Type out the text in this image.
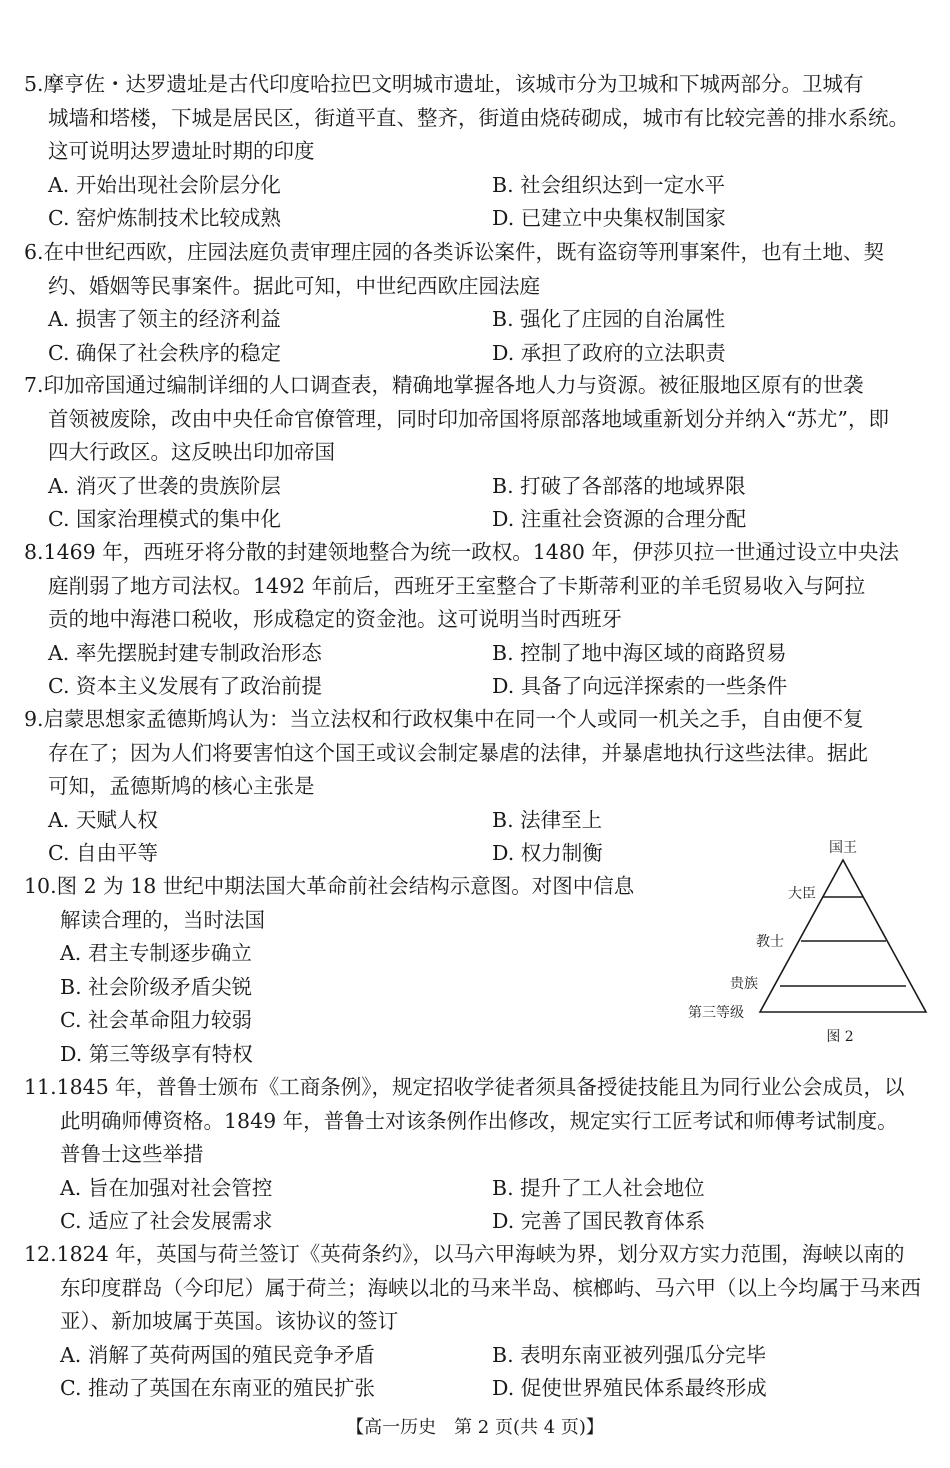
5.摩亨佐・达罗遗址是古代印度哈拉巴文明城市遗址，该城市分为卫城和下城两部分。卫城有
城墙和塔楼，下城是居民区，街道平直、整齐，街道由烧砖砌成，城市有比较完善的排水系统。
这可说明达罗遗址时期的印度
A. 开始出现社会阶层分化	B. 社会组织达到一定水平
C. 窑炉炼制技术比较成熟	D. 已建立中央集权制国家
6.在中世纪西欧，庄园法庭负责审理庄园的各类诉讼案件，既有盗窃等刑事案件，也有土地、契
约、婚姻等民事案件。据此可知，中世纪西欧庄园法庭
A. 损害了领主的经济利益	B. 强化了庄园的自治属性
C. 确保了社会秩序的稳定	D. 承担了政府的立法职责
7.印加帝国通过编制详细的人口调查表，精确地掌握各地人力与资源。被征服地区原有的世袭
首领被废除，改由中央任命官僚管理，同时印加帝国将原部落地域重新划分并纳入“苏尤”，即
四大行政区。这反映出印加帝国
A. 消灭了世袭的贵族阶层	B. 打破了各部落的地域界限
C. 国家治理模式的集中化	D. 注重社会资源的合理分配
8.1469 年，西班牙将分散的封建领地整合为统一政权。1480 年，伊莎贝拉一世通过设立中央法
庭削弱了地方司法权。1492 年前后，西班牙王室整合了卡斯蒂利亚的羊毛贸易收入与阿拉
贡的地中海港口税收，形成稳定的资金池。这可说明当时西班牙
A. 率先摆脱封建专制政治形态	B. 控制了地中海区域的商路贸易
C. 资本主义发展有了政治前提	D. 具备了向远洋探索的一些条件
9.启蒙思想家孟德斯鸠认为：当立法权和行政权集中在同一个人或同一机关之手，自由便不复
存在了；因为人们将要害怕这个国王或议会制定暴虐的法律，并暴虐地执行这些法律。据此
可知，孟德斯鸠的核心主张是
A. 天赋人权	B. 法律至上
C. 自由平等	D. 权力制衡
10.图 2 为 18 世纪中期法国大革命前社会结构示意图。对图中信息
解读合理的，当时法国
A. 君主专制逐步确立
B. 社会阶级矛盾尖锐
C. 社会革命阻力较弱
D. 第三等级享有特权
国王
大臣
教士
贵族
第三等级
图 2
11.1845 年，普鲁士颁布《工商条例》，规定招收学徒者须具备授徒技能且为同行业公会成员，以
此明确师傅资格。1849 年，普鲁士对该条例作出修改，规定实行工匠考试和师傅考试制度。
普鲁士这些举措
A. 旨在加强对社会管控	B. 提升了工人社会地位
C. 适应了社会发展需求	D. 完善了国民教育体系
12.1824 年，英国与荷兰签订《英荷条约》，以马六甲海峡为界，划分双方实力范围，海峡以南的
东印度群岛（今印尼）属于荷兰；海峡以北的马来半岛、槟榔屿、马六甲（以上今均属于马来西
亚）、新加坡属于英国。该协议的签订
A. 消解了英荷两国的殖民竞争矛盾	B. 表明东南亚被列强瓜分完毕
C. 推动了英国在东南亚的殖民扩张	D. 促使世界殖民体系最终形成
【高一历史　第 2 页(共 4 页)】
